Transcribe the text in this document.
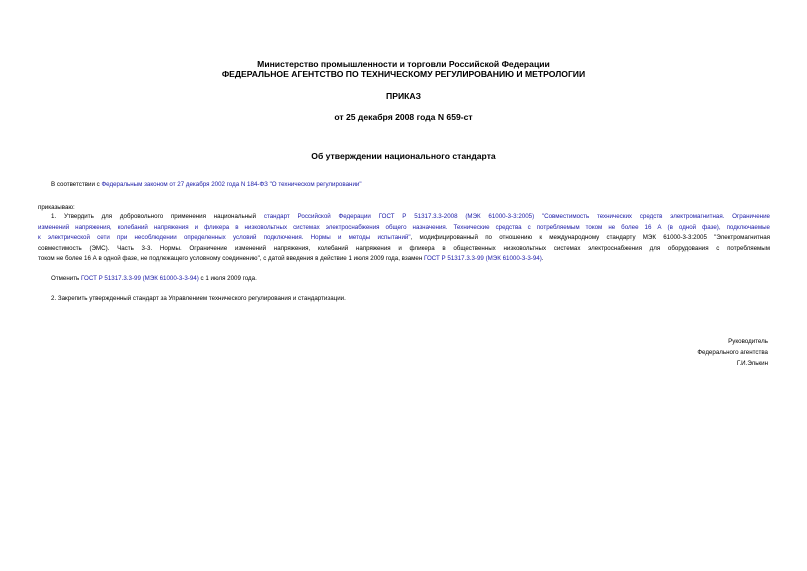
Министерство промышленности и торговли Российской Федерации
ФЕДЕРАЛЬНОЕ АГЕНТСТВО ПО ТЕХНИЧЕСКОМУ РЕГУЛИРОВАНИЮ И МЕТРОЛОГИИ
ПРИКАЗ
от 25 декабря 2008 года N 659-ст
Об утверждении национального стандарта
В соответствии с Федеральным законом от 27 декабря 2002 года N 184-ФЗ "О техническом регулировании"
приказываю:
1. Утвердить для добровольного применения национальный стандарт Российской Федерации ГОСТ Р 51317.3.3-2008 (МЭК 61000-3-3:2005) "Совместимость технических средств электромагнитная. Ограничение
изменений напряжения, колебаний напряжения и фликера в низковольтных системах электроснабжения общего назначения. Технические средства с потребляемым током не более 16 А (в одной фазе), подключаемые
к электрической сети при несоблюдении определенных условий подключения. Нормы и методы испытаний", модифицированный по отношению к международному стандарту МЭК 61000-3-3:2005 "Электромагнитная
совместимость (ЭМС). Часть 3-3. Нормы. Ограничение изменений напряжения, колебаний напряжения и фликера в общественных низковольтных системах электроснабжения для оборудования с потребляемым
током не более 16 А в одной фазе, не подлежащего условному соединению", с датой введения в действие 1 июля 2009 года, взамен ГОСТ Р 51317.3.3-99 (МЭК 61000-3-3-94).
Отменить ГОСТ Р 51317.3.3-99 (МЭК 61000-3-3-94) с 1 июля 2009 года.
2. Закрепить утвержденный стандарт за Управлением технического регулирования и стандартизации.
Руководитель
Федерального агентства
Г.И.Элькин
